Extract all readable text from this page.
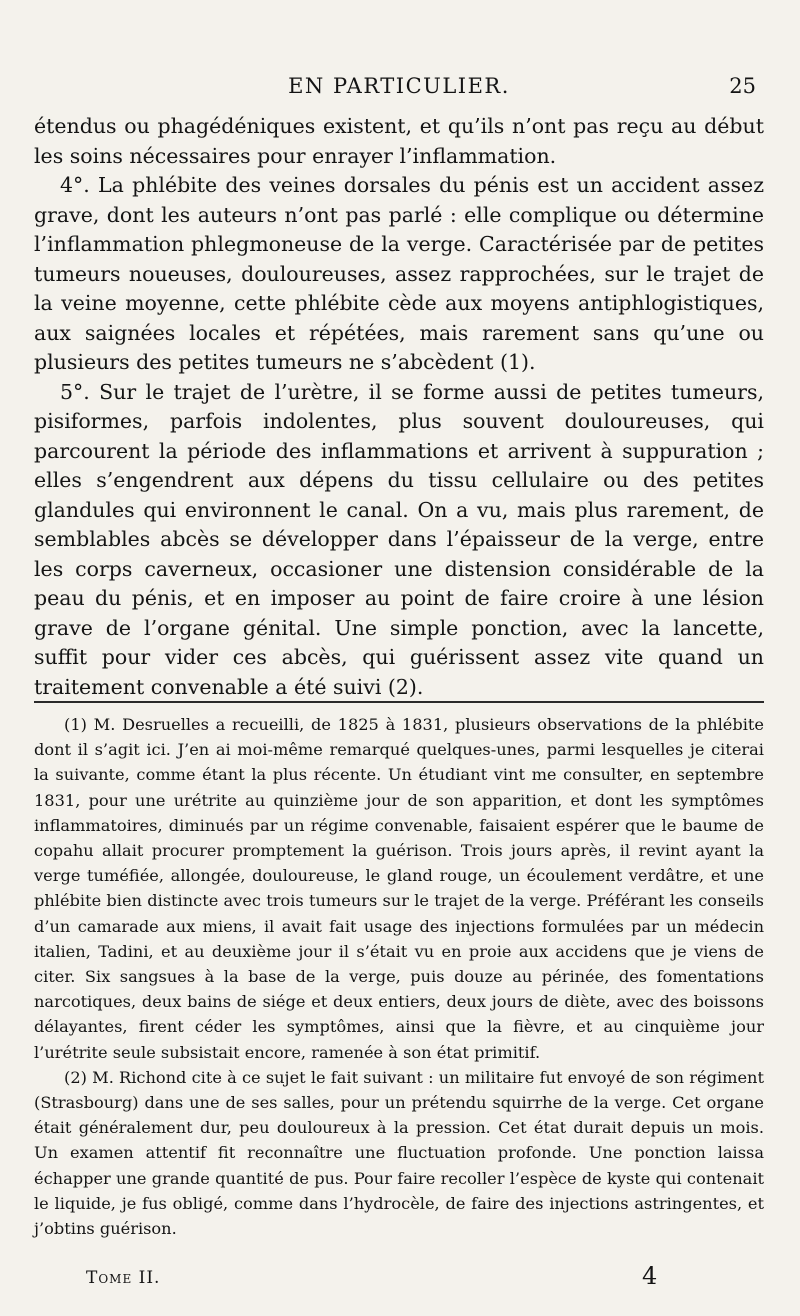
EN PARTICULIER.	25

étendus ou phagédéniques existent, et qu’ils n’ont pas reçu au début les soins nécessaires pour enrayer l’inflammation.

4°. La phlébite des veines dorsales du pénis est un accident assez grave, dont les auteurs n’ont pas parlé : elle complique ou détermine l’inflammation phlegmoneuse de la verge. Caractérisée par de petites tumeurs noueuses, douloureuses, assez rapprochées, sur le trajet de la veine moyenne, cette phlébite cède aux moyens antiphlogistiques, aux saignées locales et répétées, mais rarement sans qu’une ou plusieurs des petites tumeurs ne s’abcèdent (1).

5°. Sur le trajet de l’urètre, il se forme aussi de petites tumeurs, pisiformes, parfois indolentes, plus souvent douloureuses, qui parcourent la période des inflammations et arrivent à suppuration ; elles s’engendrent aux dépens du tissu cellulaire ou des petites glandules qui environnent le canal. On a vu, mais plus rarement, de semblables abcès se développer dans l’épaisseur de la verge, entre les corps caverneux, occasioner une distension considérable de la peau du pénis, et en imposer au point de faire croire à une lésion grave de l’organe génital. Une simple ponction, avec la lancette, suffit pour vider ces abcès, qui guérissent assez vite quand un traitement convenable a été suivi (2).

(1) M. Desruelles a recueilli, de 1825 à 1831, plusieurs observations de la phlébite dont il s’agit ici. J’en ai moi-même remarqué quelques-unes, parmi lesquelles je citerai la suivante, comme étant la plus récente. Un étudiant vint me consulter, en septembre 1831, pour une urétrite au quinzième jour de son apparition, et dont les symptômes inflammatoires, diminués par un régime convenable, faisaient espérer que le baume de copahu allait procurer promptement la guérison. Trois jours après, il revint ayant la verge tuméfiée, allongée, douloureuse, le gland rouge, un écoulement verdâtre, et une phlébite bien distincte avec trois tumeurs sur le trajet de la verge. Préférant les conseils d’un camarade aux miens, il avait fait usage des injections formulées par un médecin italien, Tadini, et au deuxième jour il s’était vu en proie aux accidens que je viens de citer. Six sangsues à la base de la verge, puis douze au périnée, des fomentations narcotiques, deux bains de siége et deux entiers, deux jours de diète, avec des boissons délayantes, firent céder les symptômes, ainsi que la fièvre, et au cinquième jour l’urétrite seule subsistait encore, ramenée à son état primitif.

(2) M. Richond cite à ce sujet le fait suivant : un militaire fut envoyé de son régiment (Strasbourg) dans une de ses salles, pour un prétendu squirrhe de la verge. Cet organe était généralement dur, peu douloureux à la pression. Cet état durait depuis un mois. Un examen attentif fit reconnaître une fluctuation profonde. Une ponction laissa échapper une grande quantité de pus. Pour faire recoller l’espèce de kyste qui contenait le liquide, je fus obligé, comme dans l’hydrocèle, de faire des injections astringentes, et j’obtins guérison.

Tome II.	4
